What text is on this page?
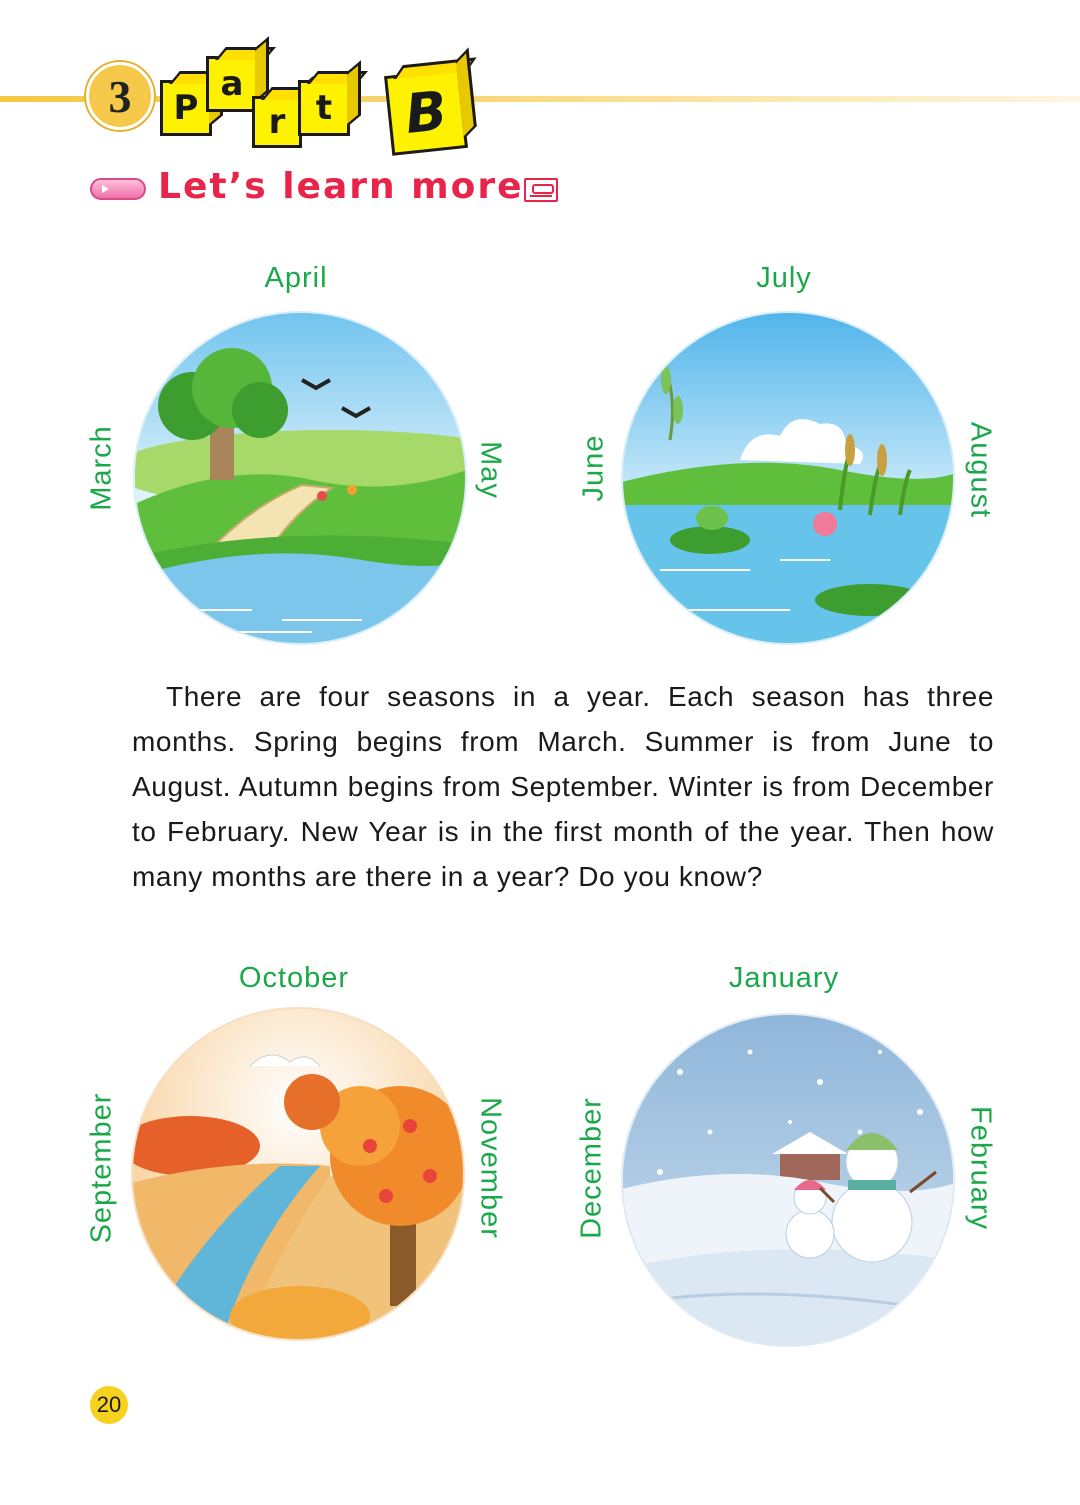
3	P
a
r t B
Let’s learn more
April
March	May
July
June	August
There are four seasons in a year. Each season has three months. Spring begins from March. Summer is from June to August. Autumn begins from September. Winter is from December to February. New Year is in the first month of the year. Then how many months are there in a year? Do you know?
October
September	November
January
December	February
20
